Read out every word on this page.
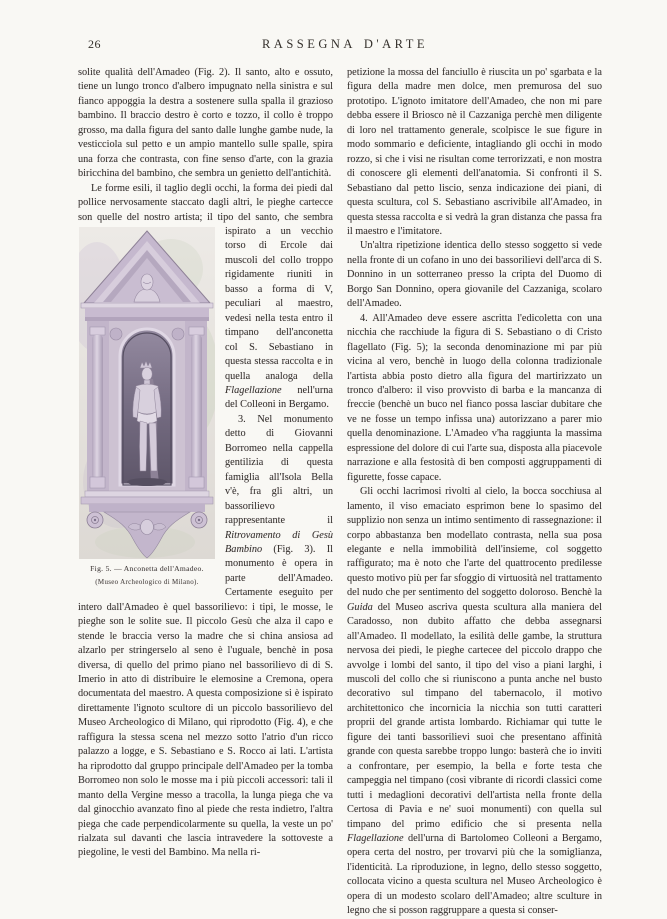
26	RASSEGNA D'ARTE

solite qualità dell'Amadeo (Fig. 2). Il santo, alto e ossuto, tiene un lungo tronco d'albero impugnato nella sinistra e sul fianco appoggia la destra a sostenere sulla spalla il grazioso bambino. Il braccio destro è corto e tozzo, il collo è troppo grosso, ma dalla figura del santo dalle lunghe gambe nude, la vesticciola sul petto e un ampio mantello sulle spalle, spira una forza che contrasta, con fine senso d'arte, con la grazia biricchina del bambino, che sembra un genietto dell'antichità.

Le forme esili, il taglio degli occhi, la forma dei piedi dal pollice nervosamente staccato dagli altri, le pieghe cartecce son quelle del nostro artista; il tipo
Fig. 5. — Anconetta dell'Amadeo.
(Museo Archeologico di Milano).
del santo, che sembra ispirato a un vecchio torso di Ercole dai muscoli del collo troppo rigidamente riuniti in basso a forma di V, peculiari al maestro, vedesi nella testa entro il timpano dell'anconetta col S. Sebastiano in questa stessa raccolta e in quella analoga della Flagellazione nell'urna del Colleoni in Bergamo.

3. Nel monumento detto di Giovanni Borromeo nella cappella gentilizia di questa famiglia all'Isola Bella v'è, fra gli altri, un bassorilievo rappresentante il Ritrovamento di Gesù Bambino (Fig. 3). Il monumento è opera in parte dell'Amadeo. Certamente eseguito per intero dall'Amadeo è quel bassorilievo: i tipi, le mosse, le pieghe son le solite sue. Il piccolo Gesù che alza il capo e stende le braccia verso la madre che si china ansiosa ad alzarlo per stringerselo al seno è l'uguale, benchè in posa diversa, di quello del primo piano nel bassorilievo di di S. Imerio in atto di distribuire le elemosine a Cremona, opera documentata del maestro. A questa composizione si è ispirato direttamente l'ignoto scultore di un piccolo bassorilievo del Museo Archeologico di Milano, qui riprodotto (Fig. 4), e che raffigura la stessa scena nel mezzo sotto l'atrio d'un ricco palazzo a logge, e S. Sebastiano e S. Rocco ai lati. L'artista ha riprodotto dal gruppo principale dell'Amadeo per la tomba Borromeo non solo le mosse ma i più piccoli accessori: tali il manto della Vergine messo a tracolla, la lunga piega che va dal ginocchio avanzato fino al piede che resta indietro, l'altra piega che cade perpendicolarmente su quella, la veste un po' rialzata sul davanti che lascia intravedere la sottoveste a piegoline, le vesti del Bambino. Ma nella ri-

petizione la mossa del fanciullo è riuscita un po' sgarbata e la figura della madre men dolce, men premurosa del suo prototipo. L'ignoto imitatore dell'Amadeo, che non mi pare debba essere il Briosco nè il Cazzaniga perchè men diligente di loro nel trattamento generale, scolpisce le sue figure in modo sommario e deficiente, intagliando gli occhi in modo rozzo, si che i visi ne risultan come terrorizzati, e non mostra di conoscere gli elementi dell'anatomia. Si confronti il S. Sebastiano dal petto liscio, senza indicazione dei piani, di questa scultura, col S. Sebastiano ascrivibile all'Amadeo, in questa stessa raccolta e si vedrà la gran distanza che passa fra il maestro e l'imitatore.

Un'altra ripetizione identica dello stesso soggetto si vede nella fronte di un cofano in uno dei bassorilievi dell'arca di S. Donnino in un sotterraneo presso la cripta del Duomo di Borgo San Donnino, opera giovanile del Cazzaniga, scolaro dell'Amadeo.

4. All'Amadeo deve essere ascritta l'edicoletta con una nicchia che racchiude la figura di S. Sebastiano o di Cristo flagellato (Fig. 5); la seconda denominazione mi par più vicina al vero, benchè in luogo della colonna tradizionale l'artista abbia posto dietro alla figura del martirizzato un tronco d'albero: il viso provvisto di barba e la mancanza di freccie (benchè un buco nel fianco possa lasciar dubitare che ve ne fosse un tempo infissa una) autorizzano a parer mio quella denominazione. L'Amadeo v'ha raggiunta la massima espressione del dolore di cui l'arte sua, disposta alla piacevole narrazione e alla festosità di ben composti aggruppamenti di figurette, fosse capace.

Gli occhi lacrimosi rivolti al cielo, la bocca socchiusa al lamento, il viso emaciato esprimon bene lo spasimo del supplizio non senza un intimo sentimento di rassegnazione: il corpo abbastanza ben modellato contrasta, nella sua posa elegante e nella immobilità dell'insieme, col soggetto raffigurato; ma è noto che l'arte del quattrocento predilesse questo motivo più per far sfoggio di virtuosità nel trattamento del nudo che per sentimento del soggetto doloroso. Benchè la Guida del Museo ascriva questa scultura alla maniera del Caradosso, non dubito affatto che debba assegnarsi all'Amadeo. Il modellato, la esilità delle gambe, la struttura nervosa dei piedi, le pieghe cartecee del piccolo drappo che avvolge i lombi del santo, il tipo del viso a piani larghi, i muscoli del collo che si riuniscono a punta anche nel busto decorativo sul timpano del tabernacolo, il motivo architettonico che incornicia la nicchia son tutti caratteri proprii del grande artista lombardo. Richiamar qui tutte le figure dei tanti bassorilievi suoi che presentano affinità grande con questa sarebbe troppo lungo: basterà che io inviti a confrontare, per esempio, la bella e forte testa che campeggia nel timpano (così vibrante di ricordi classici come tutti i medaglioni decorativi dell'artista nella fronte della Certosa di Pavia e ne' suoi monumenti) con quella sul timpano del primo edificio che si presenta nella Flagellazione dell'urna di Bartolomeo Colleoni a Bergamo, opera certa del nostro, per trovarvi più che la somiglianza, l'identicità. La riproduzione, in legno, dello stesso soggetto, collocata vicino a questa scultura nel Museo Archeologico è opera di un modesto scolaro dell'Amadeo; altre sculture in legno che si posson raggruppare a questa si conser-
